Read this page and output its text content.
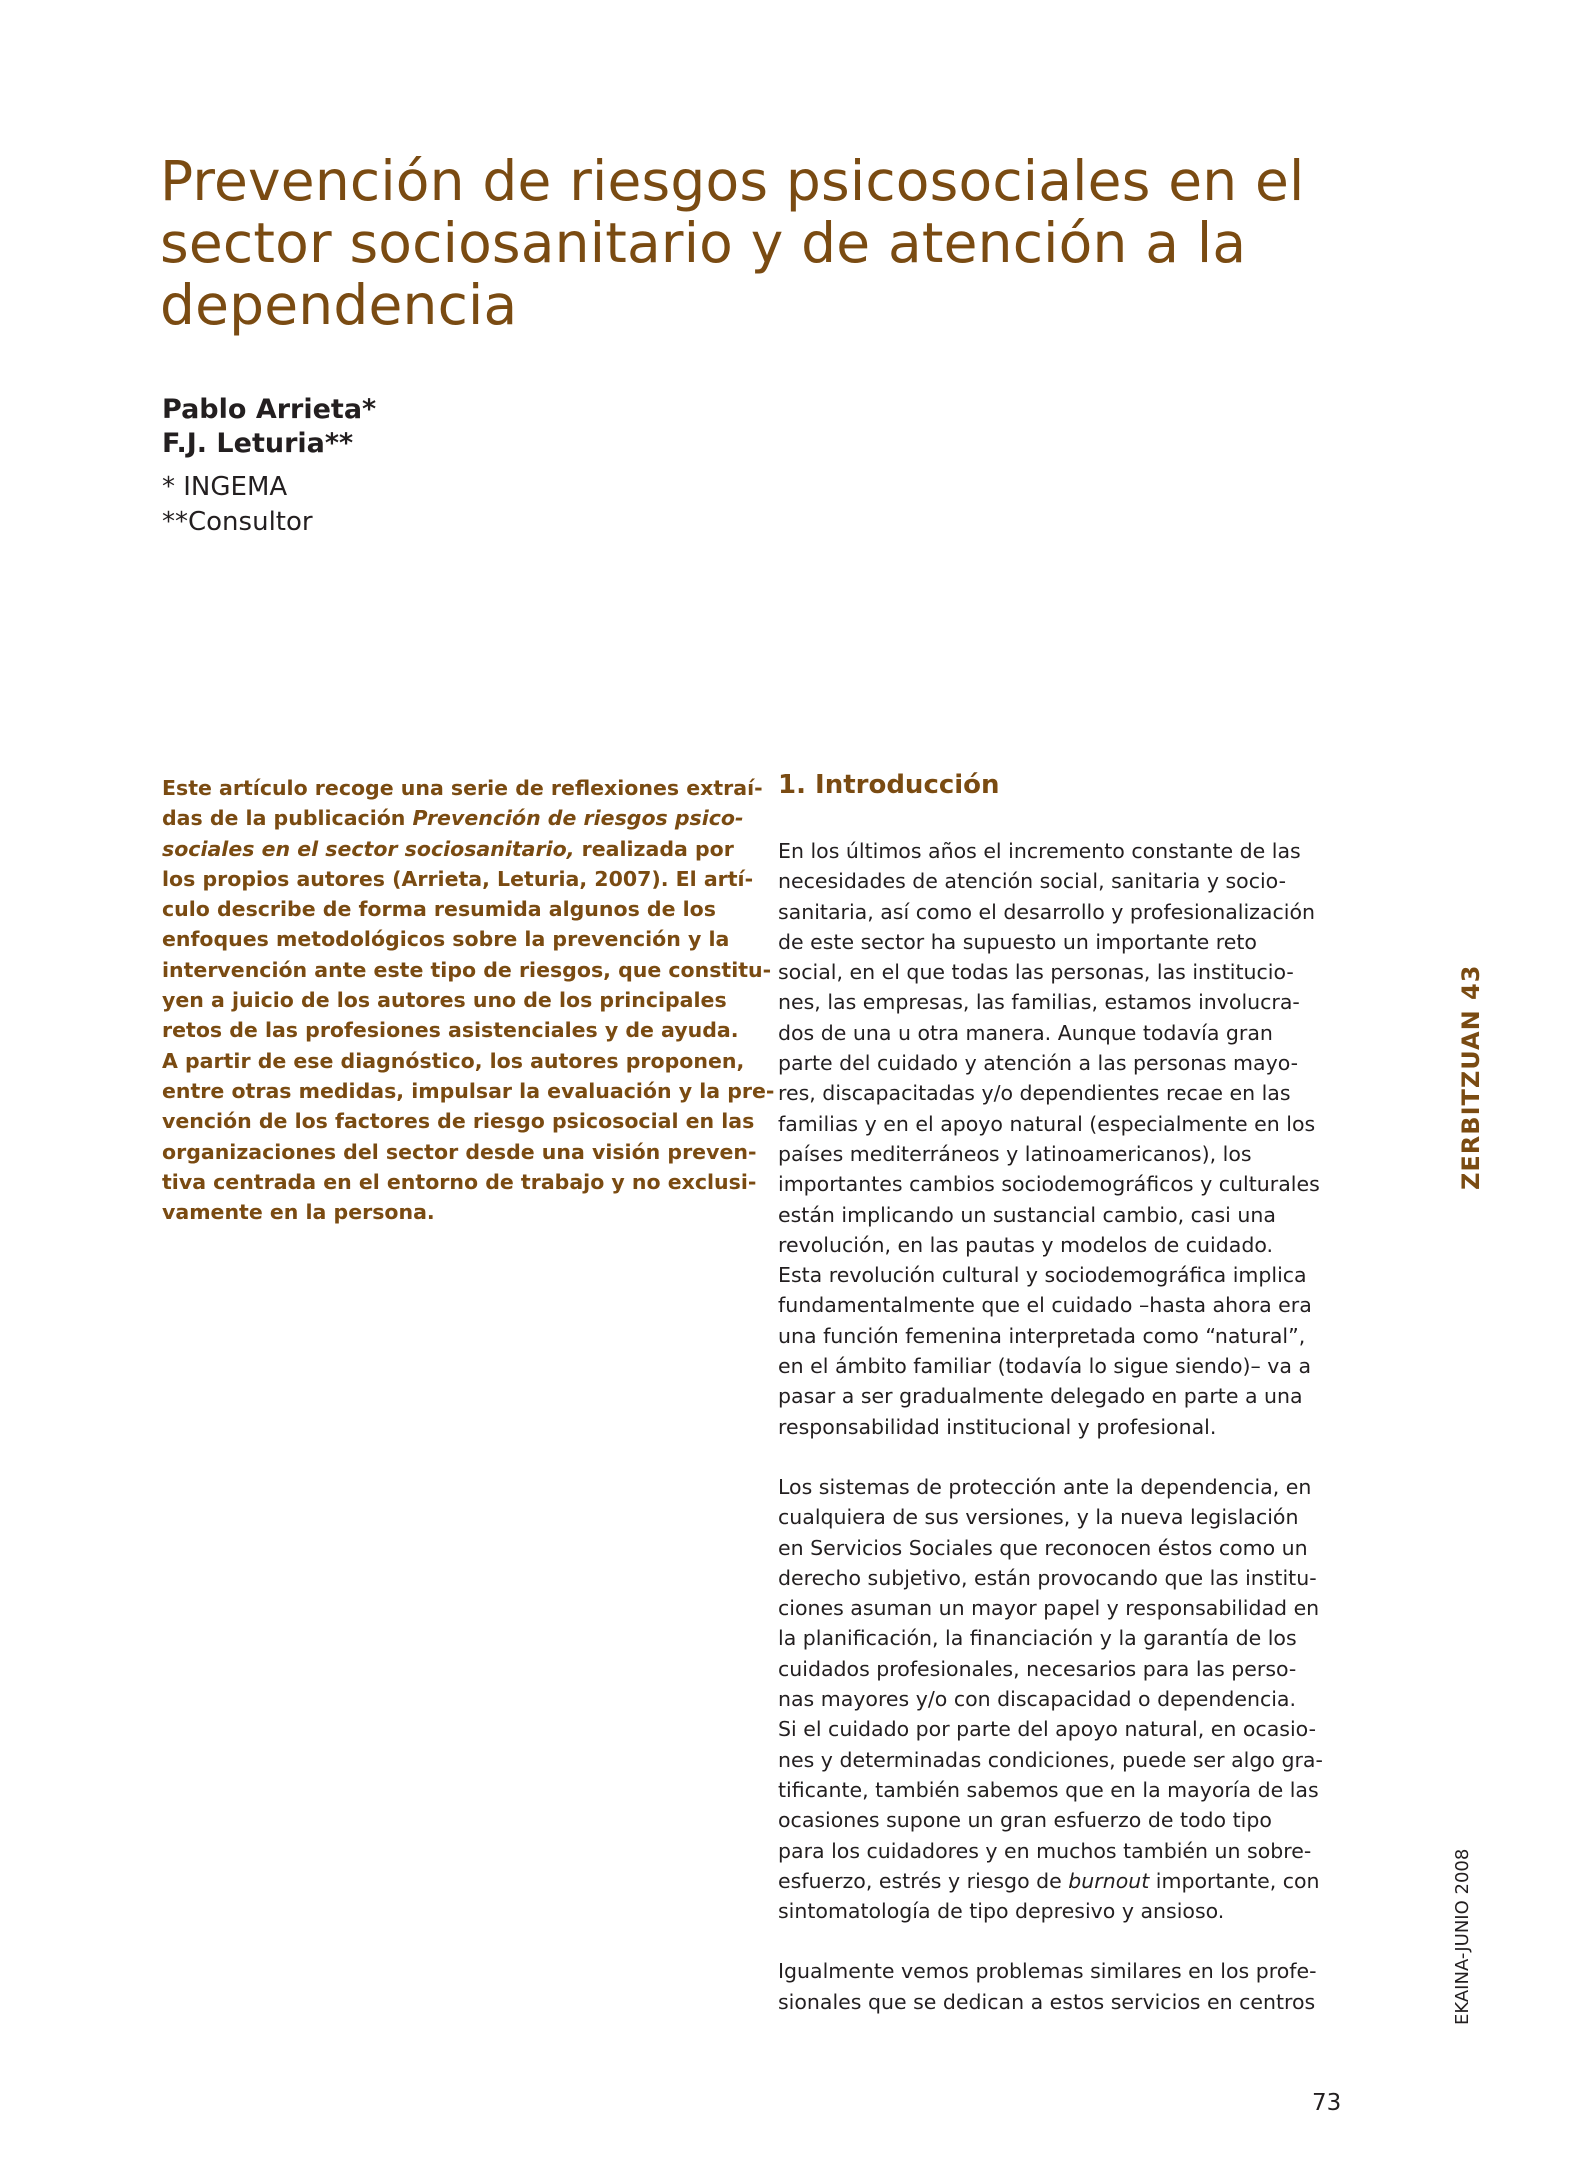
Prevención de riesgos psicosociales en el sector sociosanitario y de atención a la dependencia
Pablo Arrieta*
F.J. Leturia**
* INGEMA
**Consultor
Este artículo recoge una serie de reflexiones extraí-
das de la publicación Prevención de riesgos psico-
sociales en el sector sociosanitario, realizada por
los propios autores (Arrieta, Leturia, 2007). El artí-
culo describe de forma resumida algunos de los
enfoques metodológicos sobre la prevención y la
intervención ante este tipo de riesgos, que constitu-
yen a juicio de los autores uno de los principales
retos de las profesiones asistenciales y de ayuda.
A partir de ese diagnóstico, los autores proponen,
entre otras medidas, impulsar la evaluación y la pre-
vención de los factores de riesgo psicosocial en las
organizaciones del sector desde una visión preven-
tiva centrada en el entorno de trabajo y no exclusi-
vamente en la persona.
1. Introducción

En los últimos años el incremento constante de las
necesidades de atención social, sanitaria y socio-
sanitaria, así como el desarrollo y profesionalización
de este sector ha supuesto un importante reto
social, en el que todas las personas, las institucio-
nes, las empresas, las familias, estamos involucra-
dos de una u otra manera. Aunque todavía gran
parte del cuidado y atención a las personas mayo-
res, discapacitadas y/o dependientes recae en las
familias y en el apoyo natural (especialmente en los
países mediterráneos y latinoamericanos), los
importantes cambios sociodemográficos y culturales
están implicando un sustancial cambio, casi una
revolución, en las pautas y modelos de cuidado.
Esta revolución cultural y sociodemográfica implica
fundamentalmente que el cuidado –hasta ahora era
una función femenina interpretada como “natural”,
en el ámbito familiar (todavía lo sigue siendo)– va a
pasar a ser gradualmente delegado en parte a una
responsabilidad institucional y profesional.

Los sistemas de protección ante la dependencia, en
cualquiera de sus versiones, y la nueva legislación
en Servicios Sociales que reconocen éstos como un
derecho subjetivo, están provocando que las institu-
ciones asuman un mayor papel y responsabilidad en
la planificación, la financiación y la garantía de los
cuidados profesionales, necesarios para las perso-
nas mayores y/o con discapacidad o dependencia.
Si el cuidado por parte del apoyo natural, en ocasio-
nes y determinadas condiciones, puede ser algo gra-
tificante, también sabemos que en la mayoría de las
ocasiones supone un gran esfuerzo de todo tipo
para los cuidadores y en muchos también un sobre-
esfuerzo, estrés y riesgo de burnout importante, con
sintomatología de tipo depresivo y ansioso.

Igualmente vemos problemas similares en los profe-
sionales que se dedican a estos servicios en centros

ZERBITZUAN 43
EKAINA-JUNIO 2008
73
